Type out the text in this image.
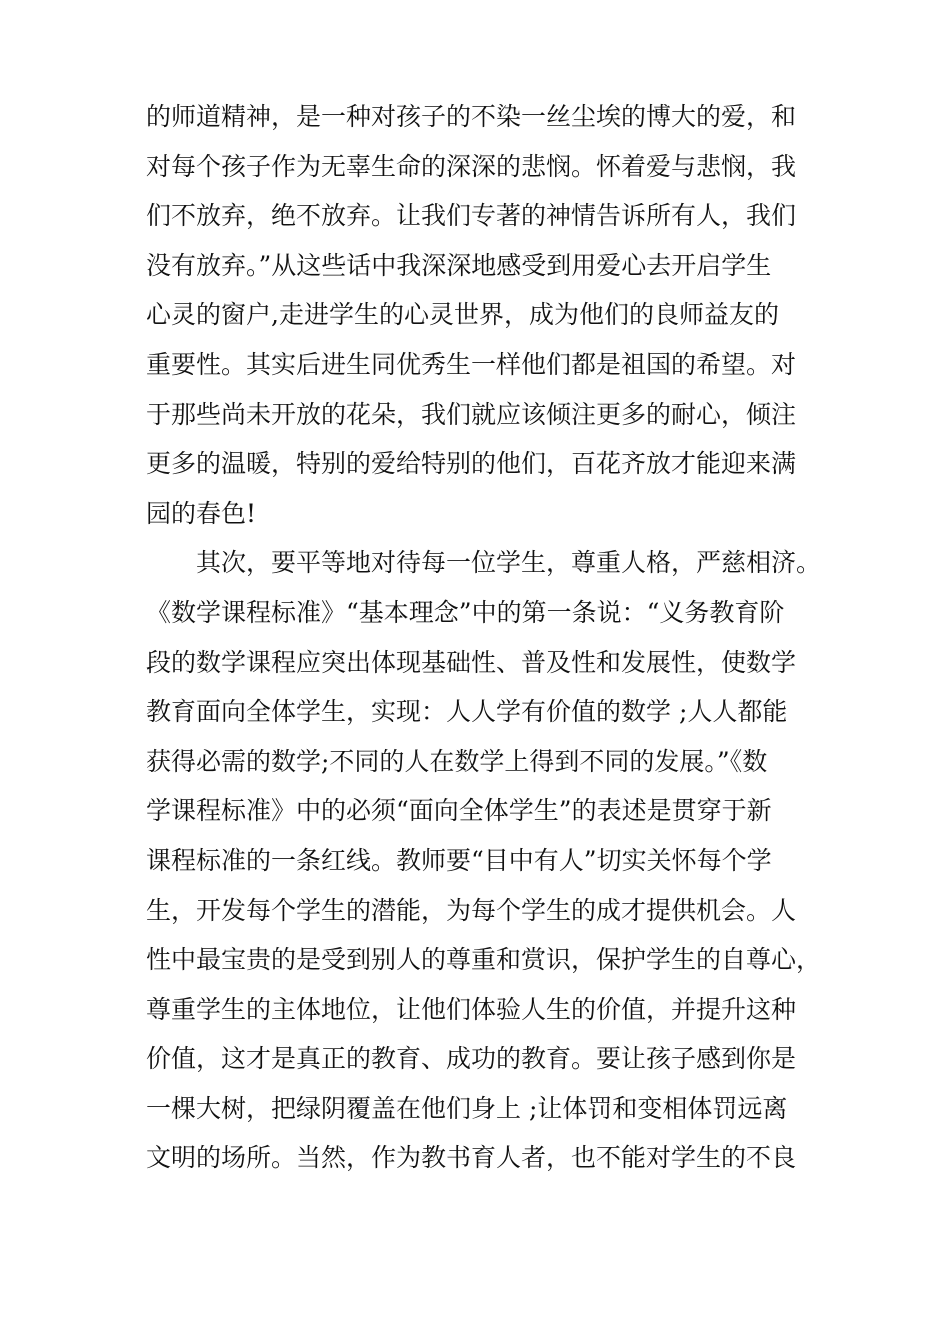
的师道精神，是一种对孩子的不染一丝尘埃的博大的爱，和
对每个孩子作为无辜生命的深深的悲悯。怀着爱与悲悯，我
们不放弃，绝不放弃。让我们专著的神情告诉所有人，我们
没有放弃。”从这些话中我深深地感受到用爱心去开启学生
心灵的窗户,走进学生的心灵世界，成为他们的良师益友的
重要性。其实后进生同优秀生一样他们都是祖国的希望。对
于那些尚未开放的花朵，我们就应该倾注更多的耐心，倾注
更多的温暖，特别的爱给特别的他们，百花齐放才能迎来满
园的春色!
其次，要平等地对待每一位学生，尊重人格，严慈相济。
《数学课程标准》“基本理念”中的第一条说：“义务教育阶
段的数学课程应突出体现基础性、普及性和发展性，使数学
教育面向全体学生，实现：人人学有价值的数学 ;人人都能
获得必需的数学;不同的人在数学上得到不同的发展。”《数
学课程标准》中的必须“面向全体学生”的表述是贯穿于新
课程标准的一条红线。教师要“目中有人”切实关怀每个学
生，开发每个学生的潜能，为每个学生的成才提供机会。人
性中最宝贵的是受到别人的尊重和赏识，保护学生的自尊心，
尊重学生的主体地位，让他们体验人生的价值，并提升这种
价值，这才是真正的教育、成功的教育。要让孩子感到你是
一棵大树，把绿阴覆盖在他们身上 ;让体罚和变相体罚远离
文明的场所。当然，作为教书育人者，也不能对学生的不良
